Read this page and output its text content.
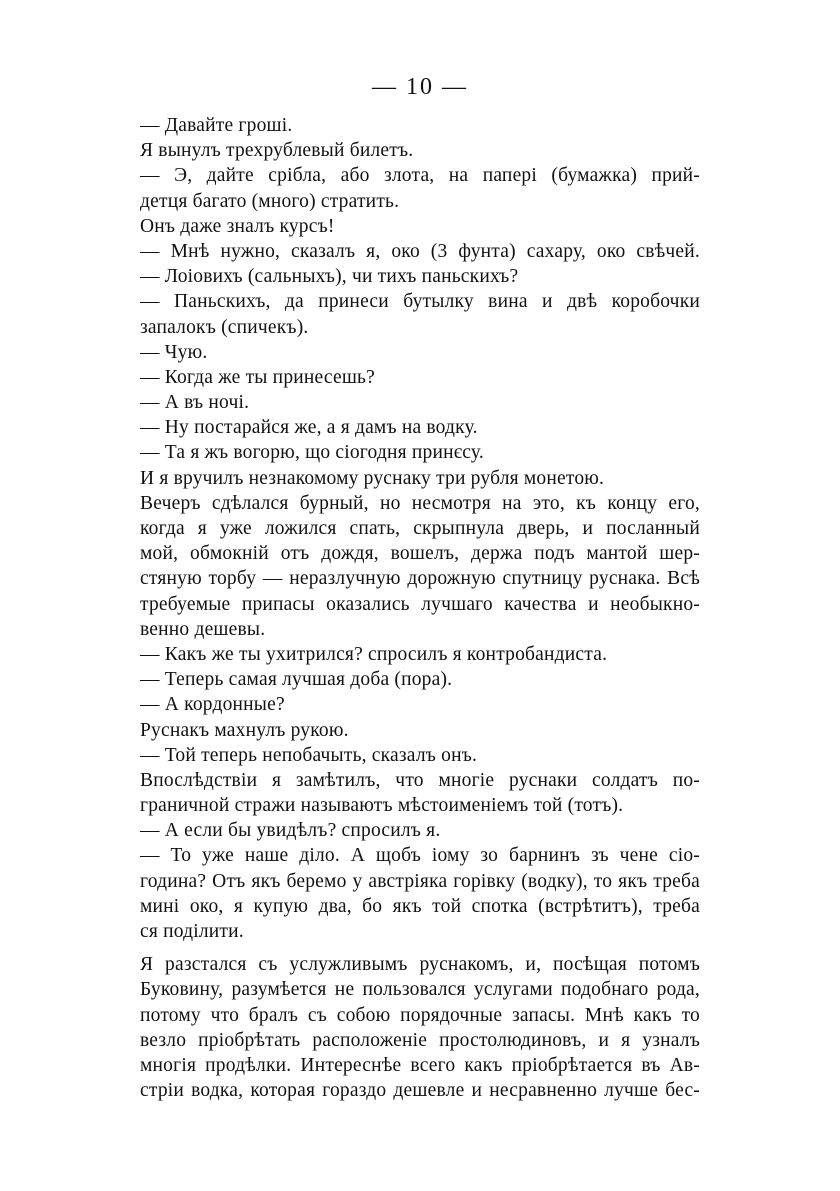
— 10 —
— Давайте гроші.
Я вынулъ трехрублевый билетъ.
— Э, дайте срібла, або злота, на папері (бумажка) прий-
детця багато (много) стратить.
Онъ даже зналъ курсъ!
— Мнѣ нужно, сказалъ я, око (3 фунта) сахару, око свѣчей.
— Лоiовихъ (сальныхъ), чи тихъ паньскихъ?
— Паньскихъ, да принеси бутылку вина и двѣ коробочки
запалокъ (спичекъ).
— Чую.
— Когда же ты принесешь?
— А въ ночі.
— Ну постарайся же, а я дамъ на водку.
— Та я жъ вогорю, що сiогодня принєсу.
И я вручилъ незнакомому руснаку три рубля монетою.
Вечеръ сдѣлался бурный, но несмотря на это, къ концу его,
когда я уже ложился спать, скрыпнула дверь, и посланный
мой, обмокнiй отъ дождя, вошелъ, держа подъ мантой шер-
стяную торбу — неразлучную дорожную спутницу руснака. Всѣ
требуемые припасы оказались лучшаго качества и необыкно-
венно дешевы.
— Какъ же ты ухитрился? спросилъ я контробандиста.
— Теперь самая лучшая доба (пора).
— А кордонные?
Руснакъ махнулъ рукою.
— Той теперь непобачыть, сказалъ онъ.
Впослѣдствiи я замѣтилъ, что многіе руснаки солдатъ по-
граничной стражи называютъ мѣстоименiемъ той (тотъ).
— А если бы увидѣлъ? спросилъ я.
— То уже наше діло. А щобъ iому зо барнинъ зъ чене сiо-
година? Отъ якъ беремо у австрiяка горiвку (водку), то якъ треба
мині око, я купую два, бо якъ той спотка (встрѣтитъ), треба
ся подiлити.
Я разстался съ услужливымъ руснакомъ, и, посѣщая потомъ
Буковину, разумѣется не пользовался услугами подобнаго рода,
потому что бралъ съ собою порядочные запасы. Мнѣ какъ то
везло прiобрѣтать расположенiе простолюдиновъ, и я узналъ
многія продѣлки. Интереснѣе всего какъ прiобрѣтается въ Ав-
стрiи водка, которая гораздо дешевле и несравненно лучше бес-
